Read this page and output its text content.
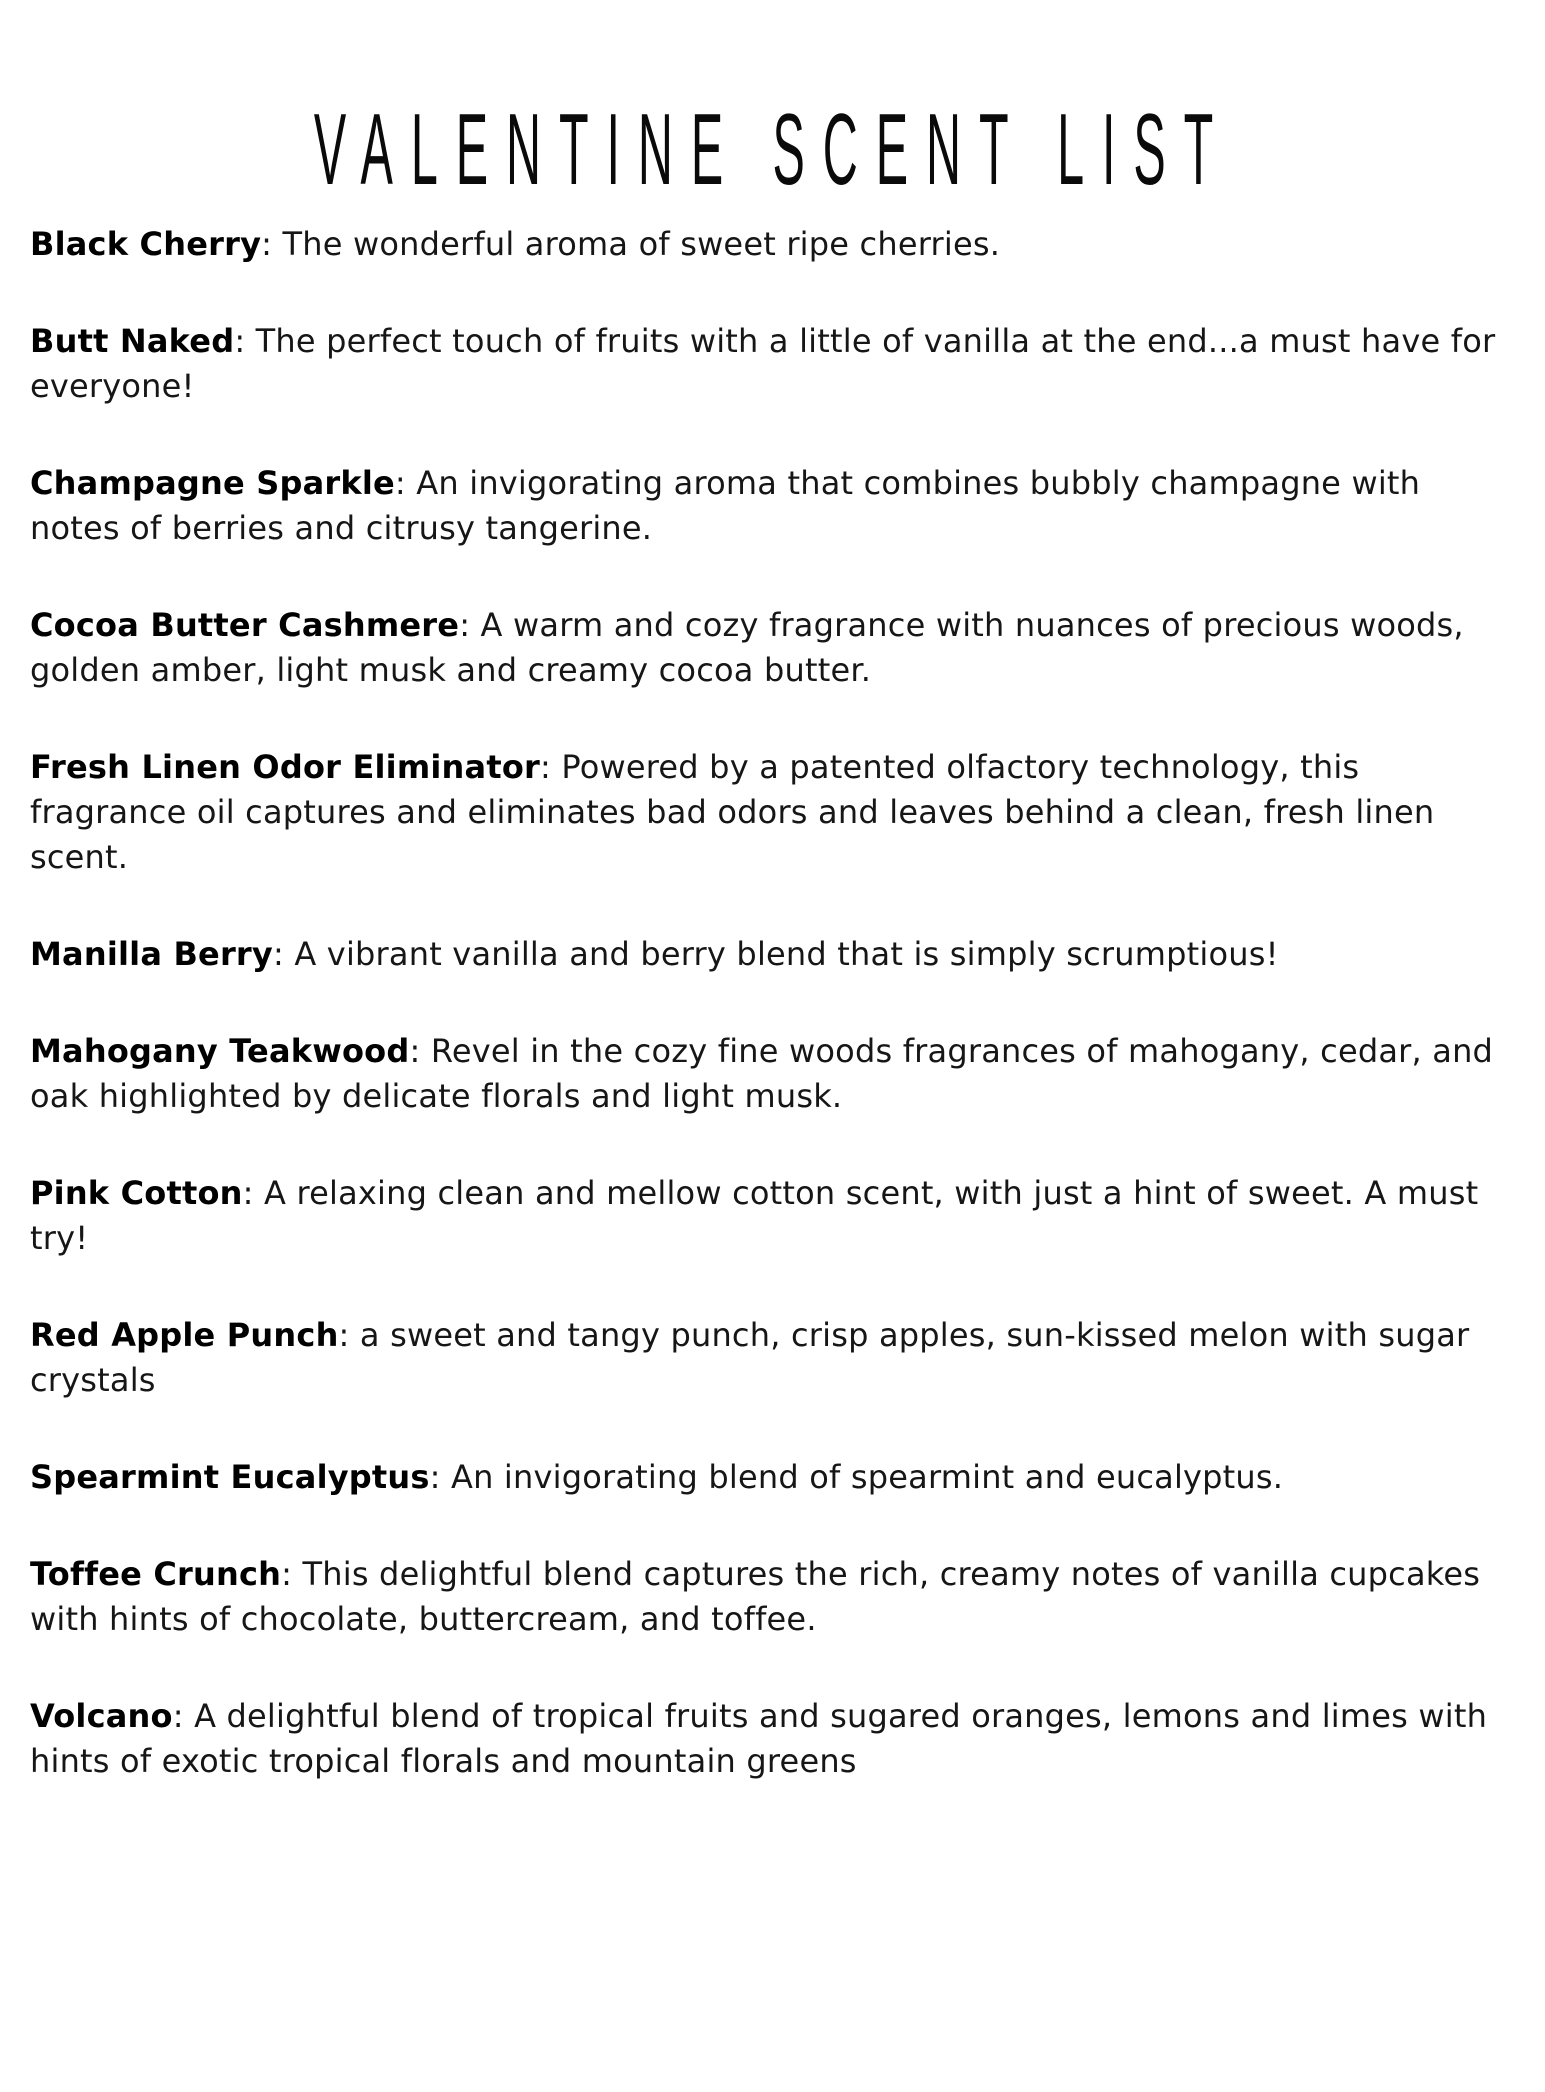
VALENTINE SCENT LIST

Black Cherry: The wonderful aroma of sweet ripe cherries.

Butt Naked: The perfect touch of fruits with a little of vanilla at the end...a must have for everyone!

Champagne Sparkle: An invigorating aroma that combines bubbly champagne with notes of berries and citrusy tangerine.

Cocoa Butter Cashmere: A warm and cozy fragrance with nuances of precious woods, golden amber, light musk and creamy cocoa butter.

Fresh Linen Odor Eliminator: Powered by a patented olfactory technology, this fragrance oil captures and eliminates bad odors and leaves behind a clean, fresh linen scent.

Manilla Berry: A vibrant vanilla and berry blend that is simply scrumptious!

Mahogany Teakwood: Revel in the cozy fine woods fragrances of mahogany, cedar, and oak highlighted by delicate florals and light musk.

Pink Cotton: A relaxing clean and mellow cotton scent, with just a hint of sweet. A must try!

Red Apple Punch: a sweet and tangy punch, crisp apples, sun-kissed melon with sugar crystals

Spearmint Eucalyptus: An invigorating blend of spearmint and eucalyptus.

Toffee Crunch: This delightful blend captures the rich, creamy notes of vanilla cupcakes with hints of chocolate, buttercream, and toffee.

Volcano: A delightful blend of tropical fruits and sugared oranges, lemons and limes with hints of exotic tropical florals and mountain greens
